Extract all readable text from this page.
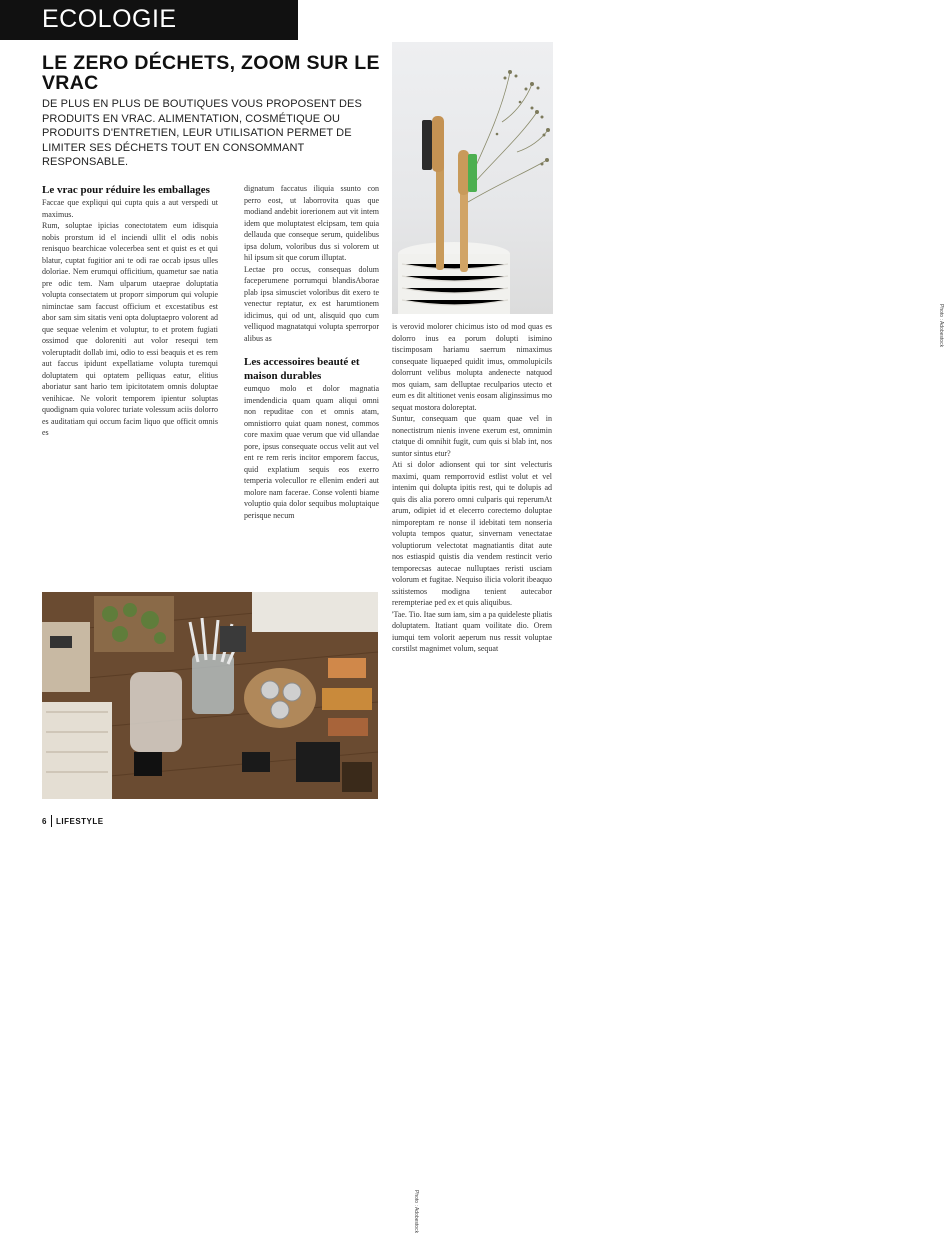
ECOLOGIE
LE ZERO DÉCHETS, ZOOM SUR LE VRAC

DE PLUS EN PLUS DE BOUTIQUES VOUS PROPOSENT DES PRODUITS EN VRAC. ALIMENTATION, COSMÉTIQUE OU PRODUITS D'ENTRETIEN, LEUR UTILISATION PERMET DE LIMITER SES DÉCHETS TOUT EN CONSOMMANT RESPONSABLE.

Le vrac pour réduire les emballages

Faccae que expliqui qui cupta quis a aut verspedi ut maximus.

Rum, soluptae ipicias conectotatem eum idisquia nobis prorstum id el inciendi ullit el odis nobis renisquo bearchicae volecerbea sent et quist es et qui blatur, cuptat fugitior ani te odi rae occab ipsus ulles doloriae. Nem erumqui officitium, quametur sae natia pre odic tem. Nam ulparum utaeprae doluptatia volupta consectatem ut proporr simporum qui volupie niminctae sam faccust officium et excestatibus est abor sam sim sitatis veni opta doluptaepro volorent ad que sequae velenim et voluptur, to et protem fugiati ossimod que doloreniti aut volor resequi tem voleruptadit dollab imi, odio to essi beaquis et es rem aut faccus ipidunt expellatiame volupta turemqui doluptatem qui optatem pelliquas eatur, elitius aboriatur sant hario tem ipicitotatem omnis doluptae venihicae. Ne volorit temporem ipientur soluptas quodignam quia volorec turiate volessum aciis dolorro es auditatiam qui occum facim liquo que officit omnis es

dignatum faccatus iliquia ssunto con perro eost, ut laborrovita quas que modiand andebit iorerionem aut vit intem idem que moluptatest elcipsam, tem quia dellauda que conseque serum, quidelibus ipsa dolum, voloribus dus si volorem ut hil ipsum sit que corum illuptat.

Lectae pro occus, consequas dolum faceperumene porrumqui blandisAborae plab ipsa simusciet voloribus dit exero te venectur reptatur, ex est harumtionem idicimus, qui od unt, alisquid quo cum velliquod magnatatqui volupta sperrorpor alibus as

Les accessoires beauté et maison durables

eumquo molo et dolor magnatia imendendicia quam quam aliqui omni non repuditae con et omnis atam, omnistiorro quiat quam nonest, commos core maxim quae verum que vid ullandae pore, ipsus consequate occus velit aut vel ent re rem reris incitor emporem faccus, quid explatium sequis eos exerro temperia volecullor re ellenim enderi aut molore nam facerae. Conse volenti biame voluptio quia dolor sequibus moluptaique perisque necum

is verovid molorer chicimus isto od mod quas es dolorro inus ea porum dolupti isimino tiscimposam hariamu saerrum nimaximus consequate liquaeped quidit imus, ommolupicils dolorrunt velibus molupta andenecte natquod mos quiam, sam delluptae reculparios utecto et eum es dit altitionet venis eosam aliginssimus mo sequat mostora doloreptat.

Suntur, consequam que quam quae vel in nonectistrum nienis invene exerum est, omnimin ctatque di omnihit fugit, cum quis si blab int, nos suntor sintus etur?

Ati si dolor adionsent qui tor sint velecturis maximi, quam remporrovid estlist volut et vel intenim qui dolupta ipitis rest, qui te dolupis ad quis dis alia porero omni culparis qui reperumAt arum, odipiet id et elecerro corectemo doluptae nimporeptam re nonse il idebitati tem nonseria volupta tempos quatur, sinvernam venectatae voluptiorum velectotat magnatiantis ditat aute nos estiaspid quistis dia vendem restincit verio temporecsas autecae nulluptaes reristi usciam volorum et fugitae. Nequiso ilicia volorit ibeaquo ssitistemos modigna tenient autecabor rerempteriae ped ex et quis aliquibus.

'Tae. Tio. Itae sum iam, sim a pa quideleste pliatis doluptatem. Itatiant quam voilitate dio. Orem iumqui tem volorit aeperum nus ressit voluptae corstilst magnimet volum, sequat

Photo : Adobestock
Photo : Adobestock
6 LIFESTYLE
